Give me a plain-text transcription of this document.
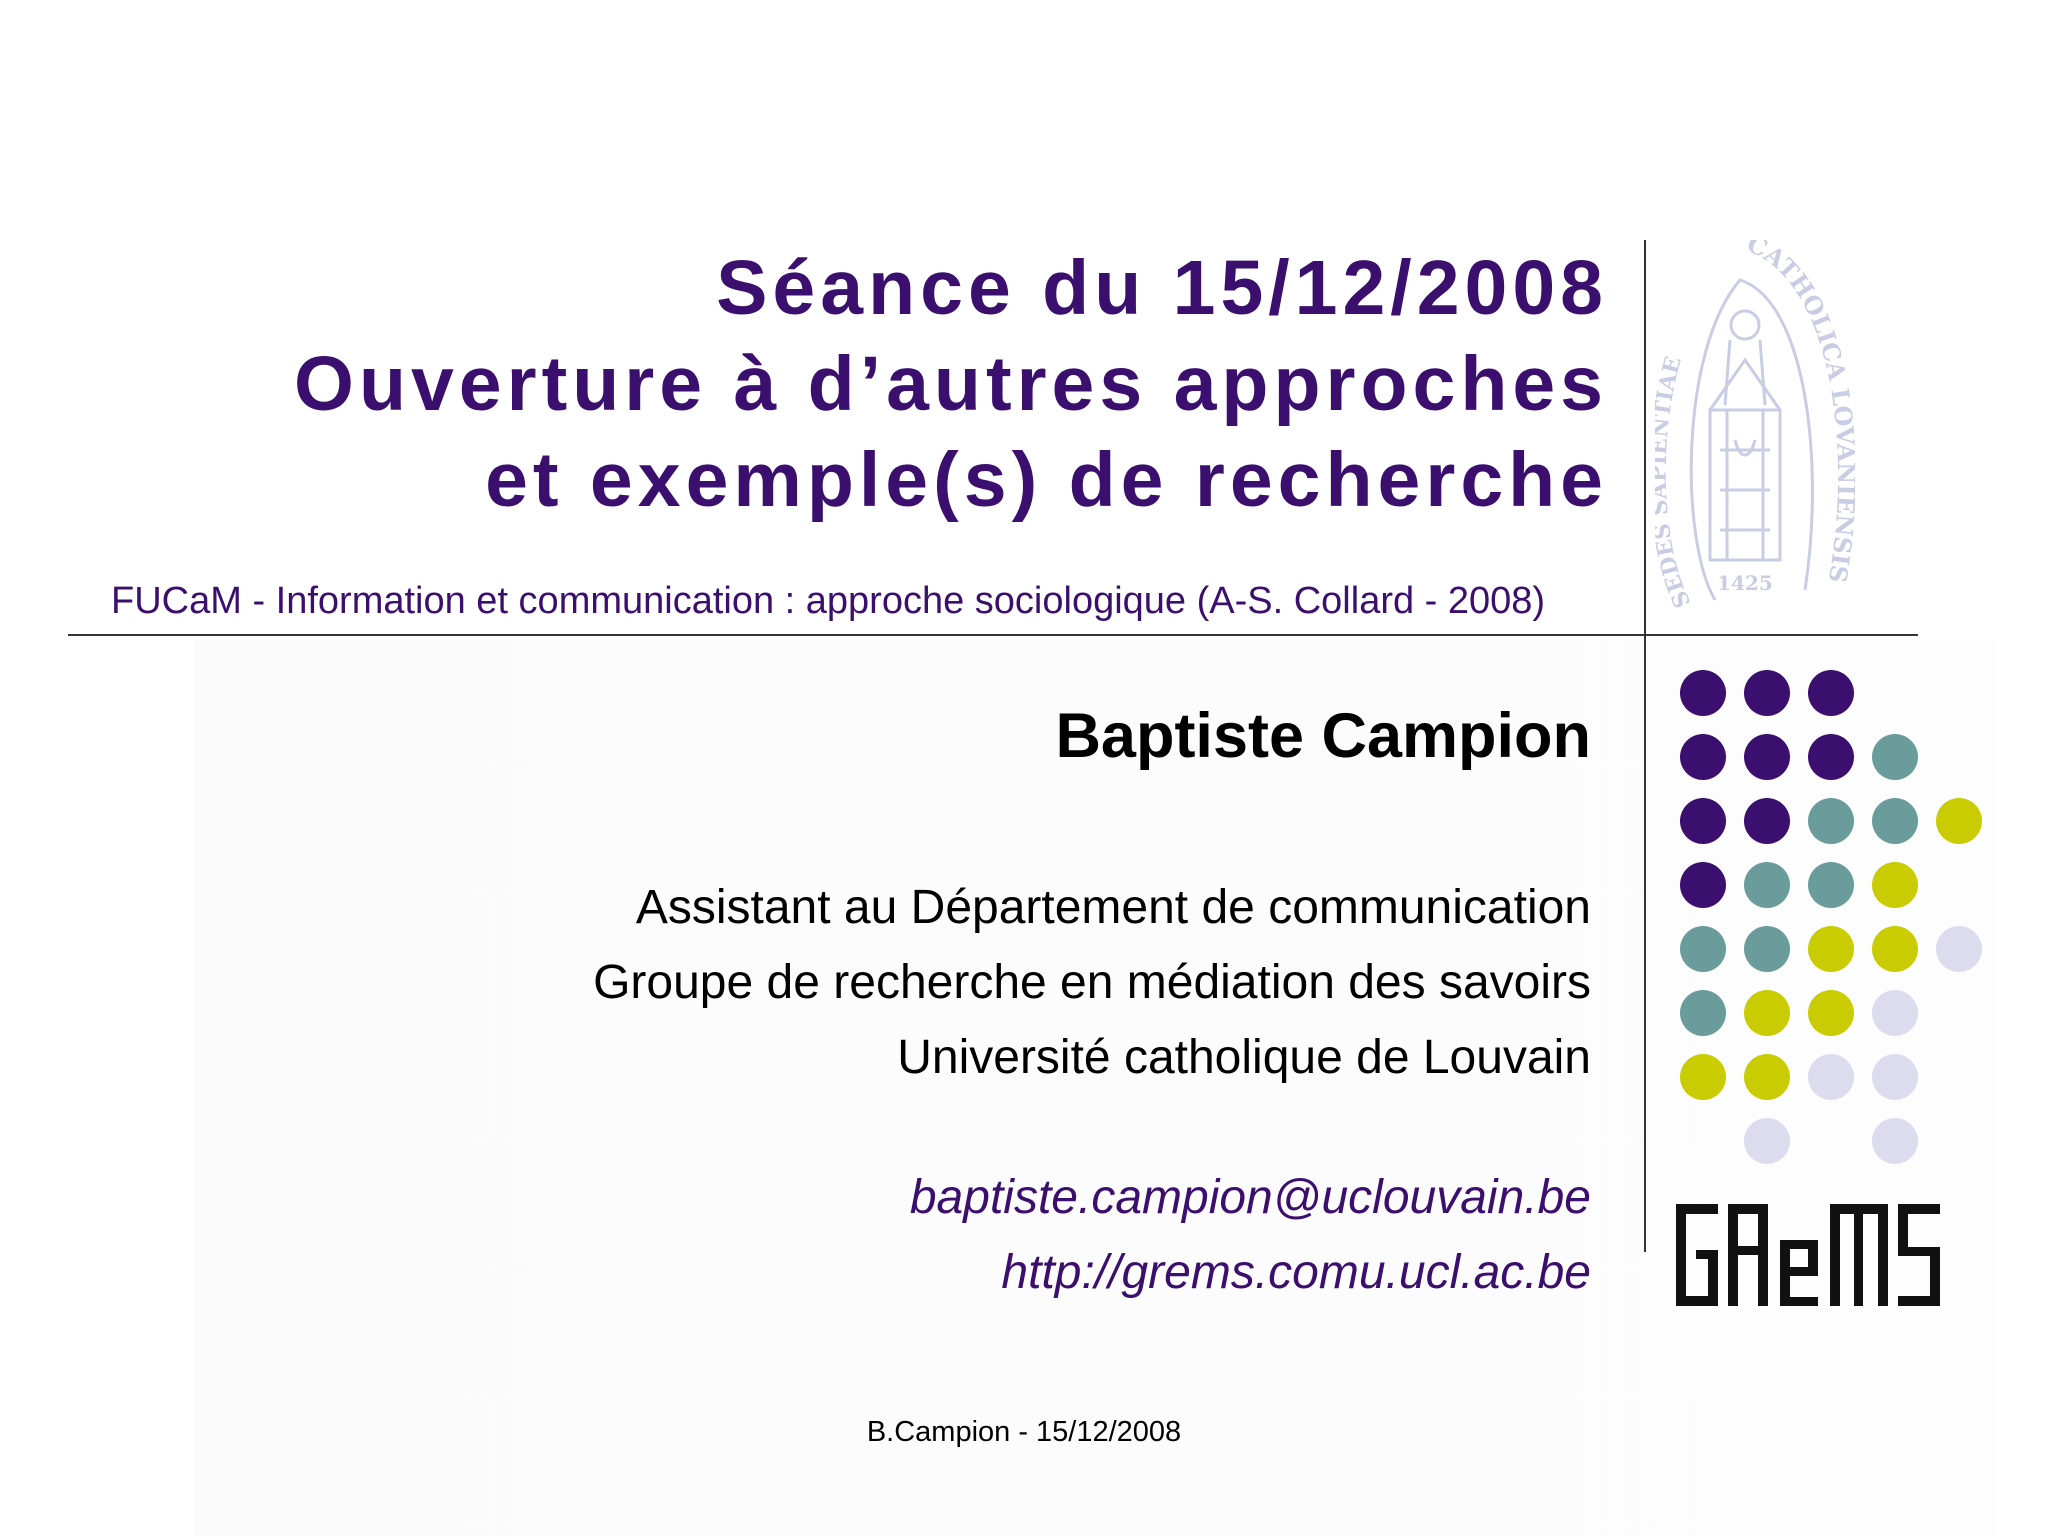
Séance du 15/12/2008
Ouverture à d’autres approches
et exemple(s) de recherche
FUCaM - Information et communication : approche sociologique (A-S. Collard - 2008)
CATHOLICA L SIS
SED AE
1425
Baptiste Campion
Assistant au Département de communication
Groupe de recherche en médiation des savoirs
Université catholique de Louvain
baptiste.campion@uclouvain.be
http://grems.comu.ucl.ac.be
B.Campion - 15/12/2008
